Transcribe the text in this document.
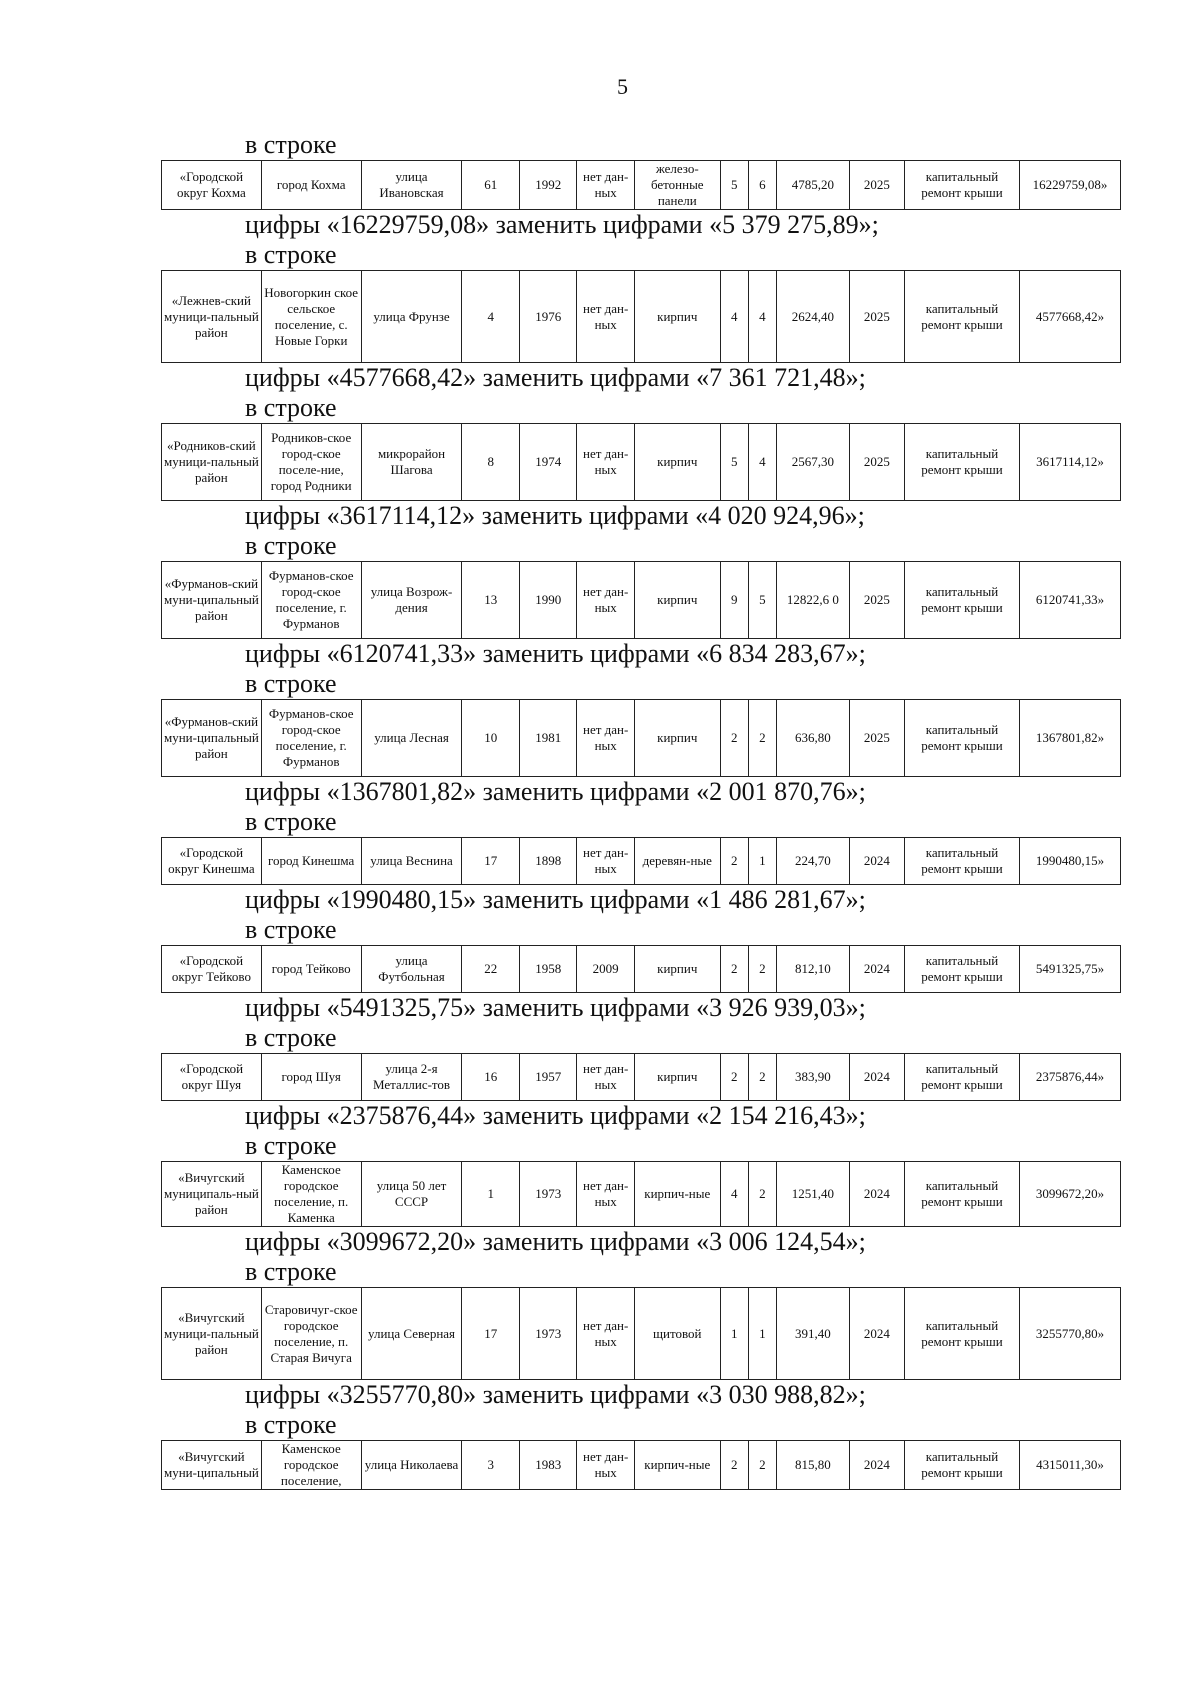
5
в строке
«Городской округ Кохма	город Кохма	улица Ивановская	61	1992	нет дан-ных	железо-бетонные панели	5	6	4785,20	2025	капитальный ремонт крыши	16229759,08»
цифры «16229759,08» заменить цифрами «5 379 275,89»;
в строке
«Лежнев-ский муници-пальный район	Новогоркин ское сельское поселение, с. Новые Горки	улица Фрунзе	4	1976	нет дан-ных	кирпич	4	4	2624,40	2025	капитальный ремонт крыши	4577668,42»
цифры «4577668,42» заменить цифрами «7 361 721,48»;
в строке
«Родников-ский муници-пальный район	Родников-ское город-ское поселе-ние, город Родники	микрорайон Шагова	8	1974	нет дан-ных	кирпич	5	4	2567,30	2025	капитальный ремонт крыши	3617114,12»
цифры «3617114,12» заменить цифрами «4 020 924,96»;
в строке
«Фурманов-ский муни-ципальный район	Фурманов-ское город-ское поселение, г. Фурманов	улица Возрож-дения	13	1990	нет дан-ных	кирпич	9	5	12822,6 0	2025	капитальный ремонт крыши	6120741,33»
цифры «6120741,33» заменить цифрами «6 834 283,67»;
в строке
«Фурманов-ский муни-ципальный район	Фурманов-ское город-ское поселение, г. Фурманов	улица Лесная	10	1981	нет дан-ных	кирпич	2	2	636,80	2025	капитальный ремонт крыши	1367801,82»
цифры «1367801,82» заменить цифрами «2 001 870,76»;
в строке
«Городской округ Кинешма	город Кинешма	улица Веснина	17	1898	нет дан-ных	деревян-ные	2	1	224,70	2024	капитальный ремонт крыши	1990480,15»
цифры «1990480,15» заменить цифрами «1 486 281,67»;
в строке
«Городской округ Тейково	город Тейково	улица Футбольная	22	1958	2009	кирпич	2	2	812,10	2024	капитальный ремонт крыши	5491325,75»
цифры «5491325,75» заменить цифрами «3 926 939,03»;
в строке
«Городской округ Шуя	город Шуя	улица 2-я Металлис-тов	16	1957	нет дан-ных	кирпич	2	2	383,90	2024	капитальный ремонт крыши	2375876,44»
цифры «2375876,44» заменить цифрами «2 154 216,43»;
в строке
«Вичугский муниципаль-ный район	Каменское городское поселение, п. Каменка	улица 50 лет СССР	1	1973	нет дан-ных	кирпич-ные	4	2	1251,40	2024	капитальный ремонт крыши	3099672,20»
цифры «3099672,20» заменить цифрами «3 006 124,54»;
в строке
«Вичугский муници-пальный район	Старовичуг-ское городское поселение, п. Старая Вичуга	улица Северная	17	1973	нет дан-ных	щитовой	1	1	391,40	2024	капитальный ремонт крыши	3255770,80»
цифры «3255770,80» заменить цифрами «3 030 988,82»;
в строке
«Вичугский муни-ципальный	Каменское городское поселение,	улица Николаева	3	1983	нет дан-ных	кирпич-ные	2	2	815,80	2024	капитальный ремонт крыши	4315011,30»
